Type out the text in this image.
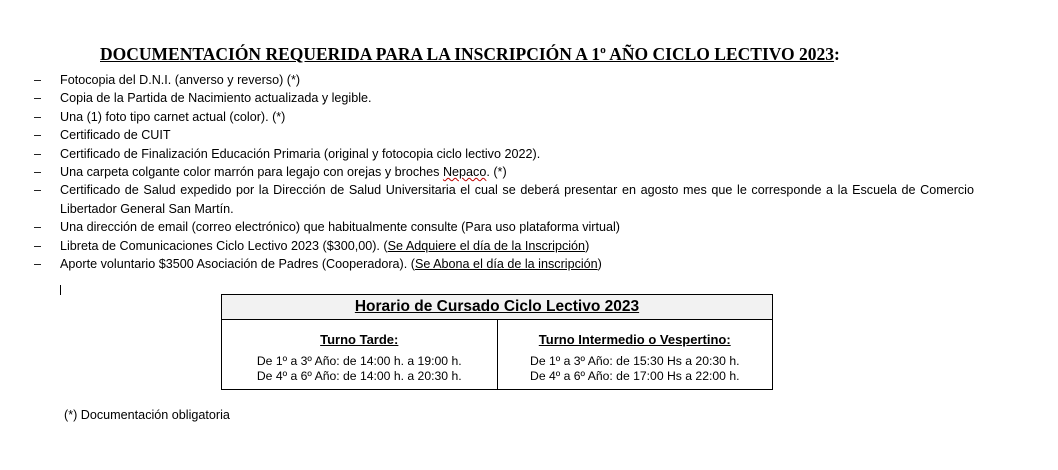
DOCUMENTACIÓN REQUERIDA PARA LA INSCRIPCIÓN A 1º AÑO CICLO LECTIVO 2023:
– Fotocopia del D.N.I. (anverso y reverso) (*)
– Copia de la Partida de Nacimiento actualizada y legible.
– Una (1) foto tipo carnet actual (color). (*)
– Certificado de CUIT
– Certificado de Finalización Educación Primaria (original y fotocopia ciclo lectivo 2022).
– Una carpeta colgante color marrón para legajo con orejas y broches Nepaco. (*)
– Certificado de Salud expedido por la Dirección de Salud Universitaria el cual se deberá presentar en agosto mes que le corresponde a la Escuela de Comercio Libertador General San Martín.
– Una dirección de email (correo electrónico) que habitualmente consulte (Para uso plataforma virtual)
– Libreta de Comunicaciones Ciclo Lectivo 2023 ($300,00). (Se Adquiere el día de la Inscripción)
– Aporte voluntario $3500 Asociación de Padres (Cooperadora). (Se Abona el día de la inscripción)
Horario de Cursado Ciclo Lectivo 2023
Turno Tarde:
De 1º a 3º Año: de 14:00 h. a 19:00 h.
De 4º a 6º Año: de 14:00 h. a 20:30 h.
Turno Intermedio o Vespertino:
De 1º a 3º Año: de 15:30 Hs a 20:30 h.
De 4º a 6º Año: de 17:00 Hs a 22:00 h.
(*) Documentación obligatoria
